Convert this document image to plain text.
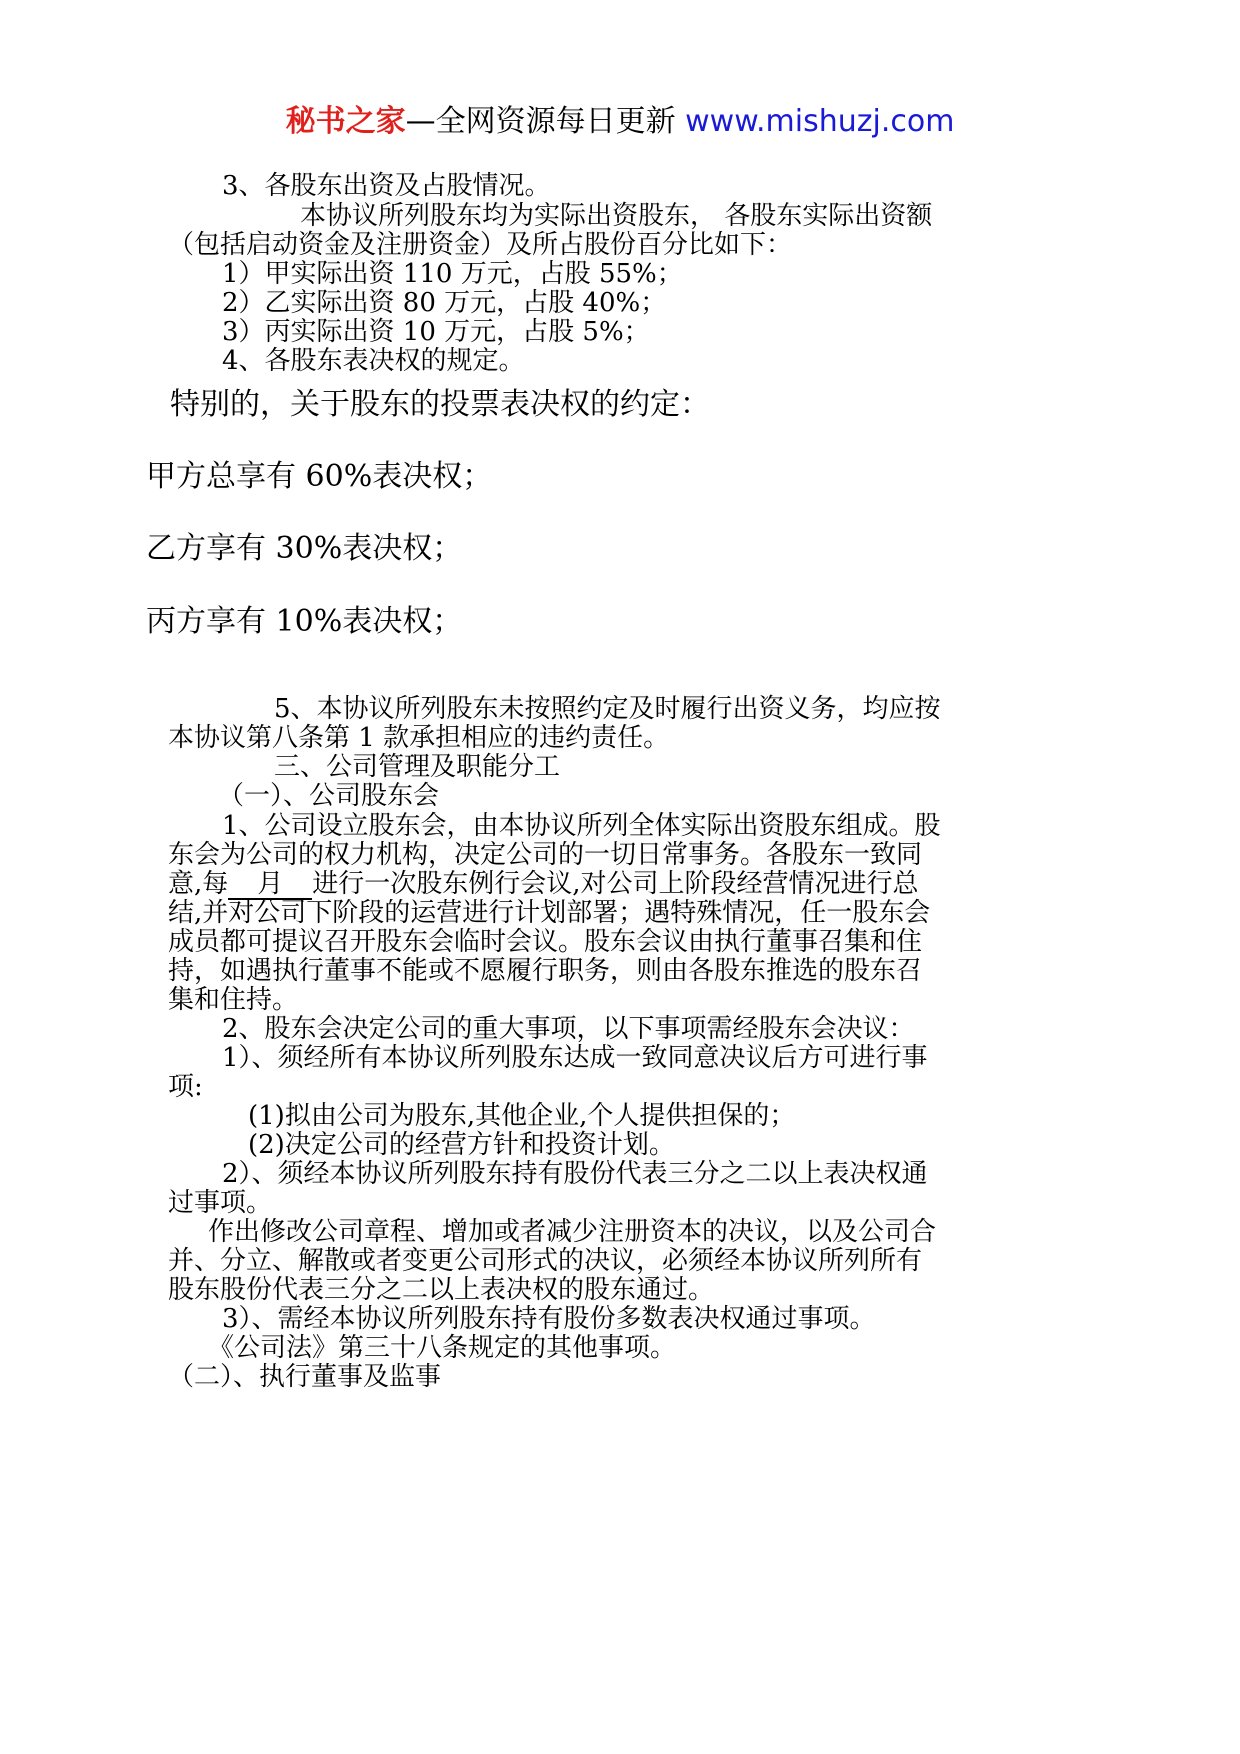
秘书之家—全网资源每日更新 www.mishuzj.com
3、各股东出资及占股情况。
本协议所列股东均为实际出资股东， 各股东实际出资额
（包括启动资金及注册资金）及所占股份百分比如下：
1）甲实际出资 110 万元，占股 55%；
2）乙实际出资 80 万元，占股 40%；
3）丙实际出资 10 万元，占股 5%；
4、各股东表决权的规定。
特别的，关于股东的投票表决权的约定：
甲方总享有 60%表决权；
乙方享有 30%表决权；
丙方享有 10%表决权；
5、本协议所列股东未按照约定及时履行出资义务，均应按
本协议第八条第 1 款承担相应的违约责任。
三、公司管理及职能分工
（一）、公司股东会
1、公司设立股东会，由本协议所列全体实际出资股东组成。股
东会为公司的权力机构，决定公司的一切日常事务。各股东一致同
意,每 月 进行一次股东例行会议,对公司上阶段经营情况进行总
结,并对公司下阶段的运营进行计划部署；遇特殊情况，任一股东会
成员都可提议召开股东会临时会议。股东会议由执行董事召集和住
持，如遇执行董事不能或不愿履行职务，则由各股东推选的股东召
集和住持。
2、股东会决定公司的重大事项，以下事项需经股东会决议：
1）、须经所有本协议所列股东达成一致同意决议后方可进行事
项:
(1)拟由公司为股东,其他企业,个人提供担保的；
(2)决定公司的经营方针和投资计划。
2）、须经本协议所列股东持有股份代表三分之二以上表决权通
过事项。
作出修改公司章程、增加或者减少注册资本的决议，以及公司合
并、分立、解散或者变更公司形式的决议，必须经本协议所列所有
股东股份代表三分之二以上表决权的股东通过。
3）、需经本协议所列股东持有股份多数表决权通过事项。
《公司法》第三十八条规定的其他事项。
（二）、执行董事及监事
